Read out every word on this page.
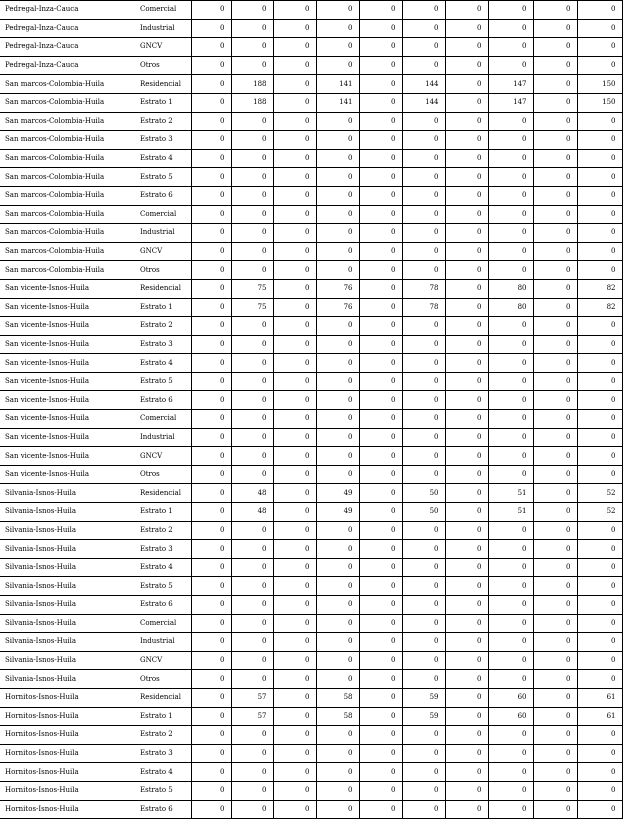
Pedregal-Inza-Cauca	Comercial	0	0	0	0	0	0	0	0	0	0
Pedregal-Inza-Cauca	Industrial	0	0	0	0	0	0	0	0	0	0
Pedregal-Inza-Cauca	GNCV	0	0	0	0	0	0	0	0	0	0
Pedregal-Inza-Cauca	Otros	0	0	0	0	0	0	0	0	0	0
San marcos-Colombia-Huila	Residencial	0	188	0	141	0	144	0	147	0	150
San marcos-Colombia-Huila	Estrato 1	0	188	0	141	0	144	0	147	0	150
San marcos-Colombia-Huila	Estrato 2	0	0	0	0	0	0	0	0	0	0
San marcos-Colombia-Huila	Estrato 3	0	0	0	0	0	0	0	0	0	0
San marcos-Colombia-Huila	Estrato 4	0	0	0	0	0	0	0	0	0	0
San marcos-Colombia-Huila	Estrato 5	0	0	0	0	0	0	0	0	0	0
San marcos-Colombia-Huila	Estrato 6	0	0	0	0	0	0	0	0	0	0
San marcos-Colombia-Huila	Comercial	0	0	0	0	0	0	0	0	0	0
San marcos-Colombia-Huila	Industrial	0	0	0	0	0	0	0	0	0	0
San marcos-Colombia-Huila	GNCV	0	0	0	0	0	0	0	0	0	0
San marcos-Colombia-Huila	Otros	0	0	0	0	0	0	0	0	0	0
San vicente-Isnos-Huila	Residencial	0	75	0	76	0	78	0	80	0	82
San vicente-Isnos-Huila	Estrato 1	0	75	0	76	0	78	0	80	0	82
San vicente-Isnos-Huila	Estrato 2	0	0	0	0	0	0	0	0	0	0
San vicente-Isnos-Huila	Estrato 3	0	0	0	0	0	0	0	0	0	0
San vicente-Isnos-Huila	Estrato 4	0	0	0	0	0	0	0	0	0	0
San vicente-Isnos-Huila	Estrato 5	0	0	0	0	0	0	0	0	0	0
San vicente-Isnos-Huila	Estrato 6	0	0	0	0	0	0	0	0	0	0
San vicente-Isnos-Huila	Comercial	0	0	0	0	0	0	0	0	0	0
San vicente-Isnos-Huila	Industrial	0	0	0	0	0	0	0	0	0	0
San vicente-Isnos-Huila	GNCV	0	0	0	0	0	0	0	0	0	0
San vicente-Isnos-Huila	Otros	0	0	0	0	0	0	0	0	0	0
Silvania-Isnos-Huila	Residencial	0	48	0	49	0	50	0	51	0	52
Silvania-Isnos-Huila	Estrato 1	0	48	0	49	0	50	0	51	0	52
Silvania-Isnos-Huila	Estrato 2	0	0	0	0	0	0	0	0	0	0
Silvania-Isnos-Huila	Estrato 3	0	0	0	0	0	0	0	0	0	0
Silvania-Isnos-Huila	Estrato 4	0	0	0	0	0	0	0	0	0	0
Silvania-Isnos-Huila	Estrato 5	0	0	0	0	0	0	0	0	0	0
Silvania-Isnos-Huila	Estrato 6	0	0	0	0	0	0	0	0	0	0
Silvania-Isnos-Huila	Comercial	0	0	0	0	0	0	0	0	0	0
Silvania-Isnos-Huila	Industrial	0	0	0	0	0	0	0	0	0	0
Silvania-Isnos-Huila	GNCV	0	0	0	0	0	0	0	0	0	0
Silvania-Isnos-Huila	Otros	0	0	0	0	0	0	0	0	0	0
Hornitos-Isnos-Huila	Residencial	0	57	0	58	0	59	0	60	0	61
Hornitos-Isnos-Huila	Estrato 1	0	57	0	58	0	59	0	60	0	61
Hornitos-Isnos-Huila	Estrato 2	0	0	0	0	0	0	0	0	0	0
Hornitos-Isnos-Huila	Estrato 3	0	0	0	0	0	0	0	0	0	0
Hornitos-Isnos-Huila	Estrato 4	0	0	0	0	0	0	0	0	0	0
Hornitos-Isnos-Huila	Estrato 5	0	0	0	0	0	0	0	0	0	0
Hornitos-Isnos-Huila	Estrato 6	0	0	0	0	0	0	0	0	0	0
